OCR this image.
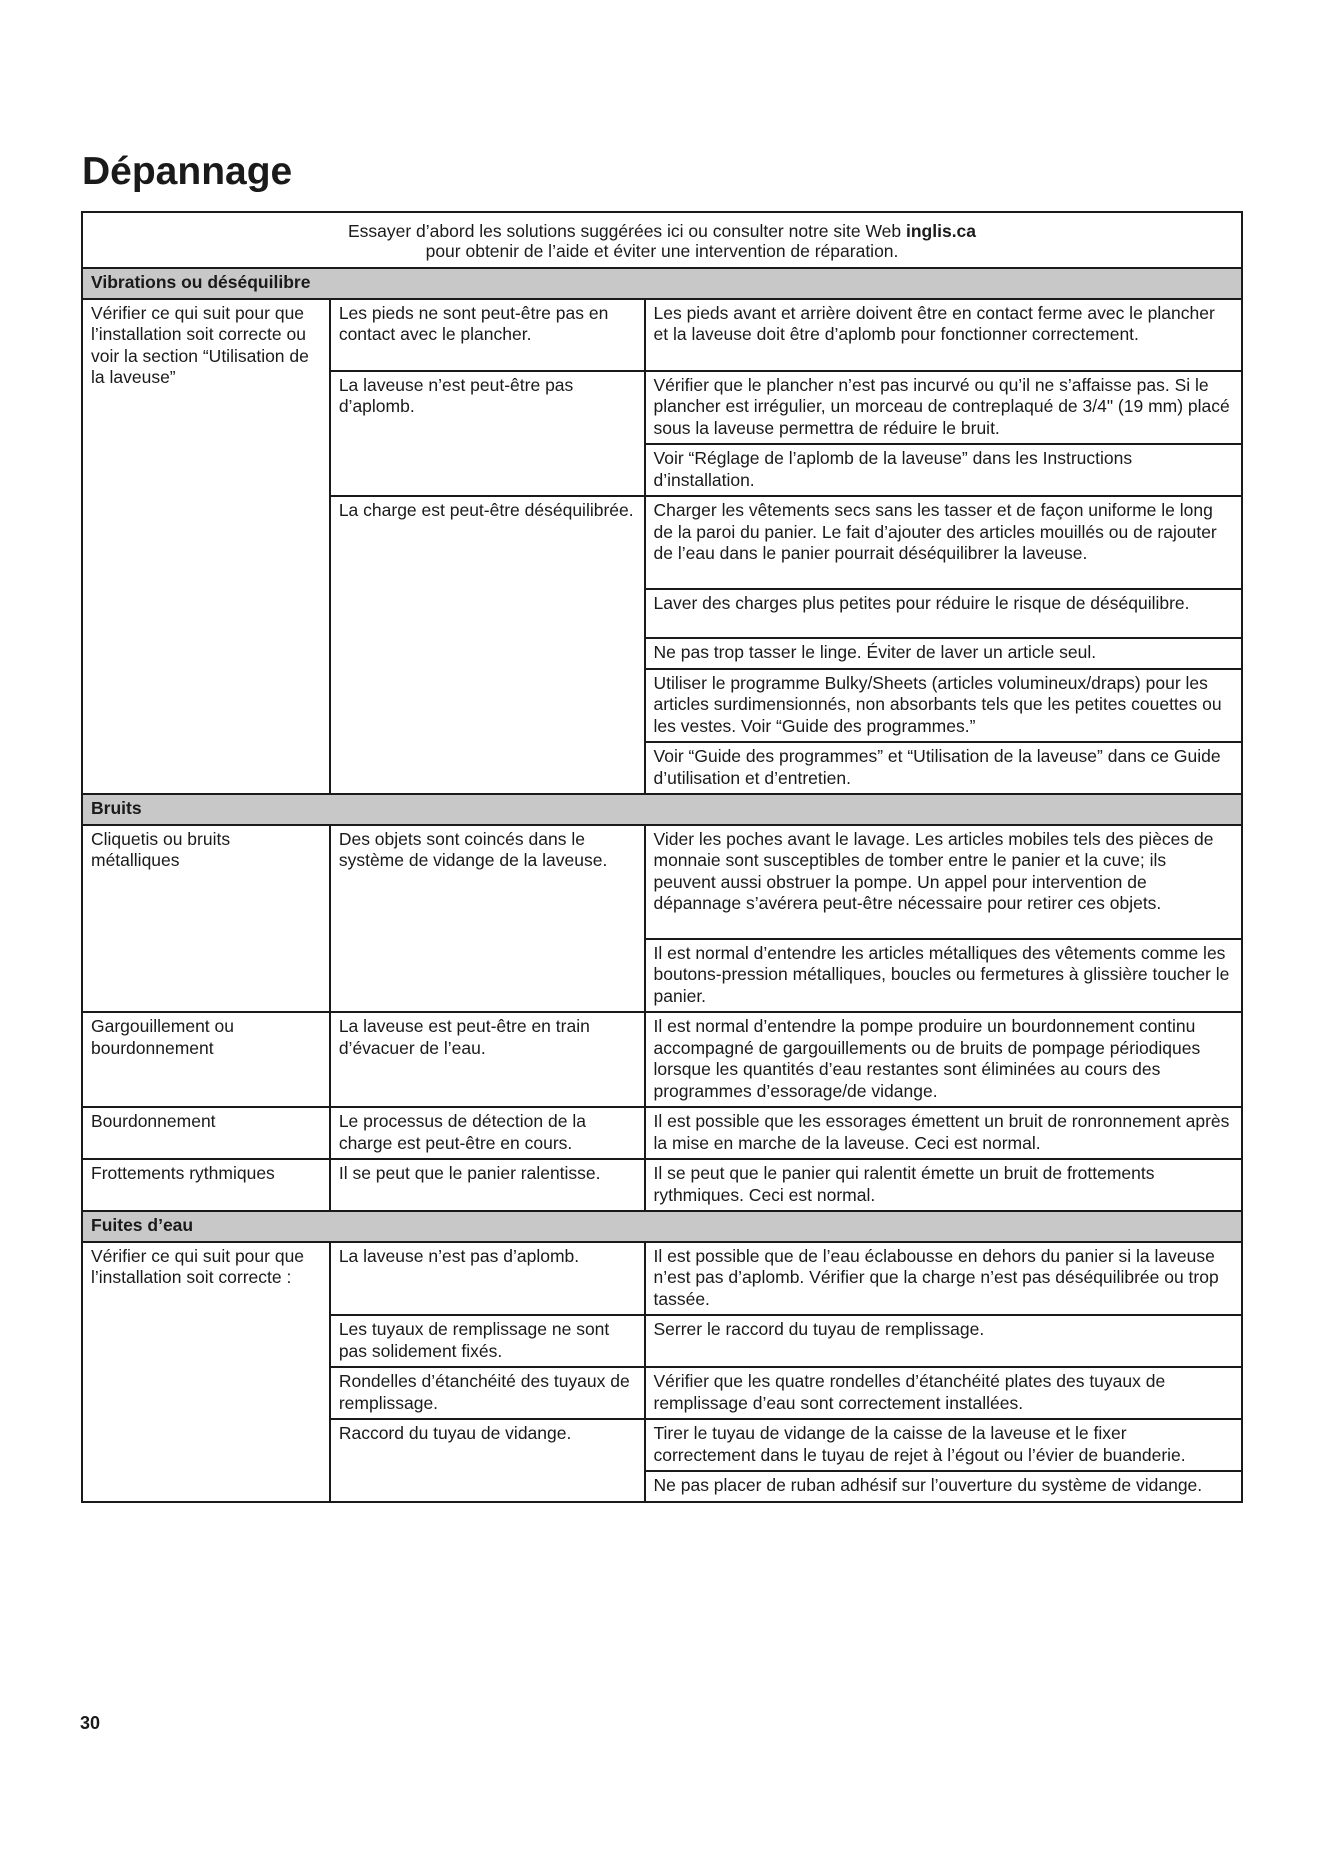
Dépannage
Essayer d’abord les solutions suggérées ici ou consulter notre site Web inglis.ca
pour obtenir de l’aide et éviter une intervention de réparation.		
Vibrations ou déséquilibre		
Vérifier ce qui suit pour que l’installation soit correcte ou voir la section “Utilisation de la laveuse”	Les pieds ne sont peut-être pas en contact avec le plancher.	Les pieds avant et arrière doivent être en contact ferme avec le plancher et la laveuse doit être d’aplomb pour fonctionner correctement.
	La laveuse n’est peut-être pas d’aplomb.	Vérifier que le plancher n’est pas incurvé ou qu’il ne s’affaisse pas. Si le plancher est irrégulier, un morceau de contreplaqué de 3/4" (19 mm) placé sous la laveuse permettra de réduire le bruit.
		Voir “Réglage de l’aplomb de la laveuse” dans les Instructions d’installation.
	La charge est peut-être déséquilibrée.	Charger les vêtements secs sans les tasser et de façon uniforme le long de la paroi du panier. Le fait d’ajouter des articles mouillés ou de rajouter de l’eau dans le panier pourrait déséquilibrer la laveuse.
		Laver des charges plus petites pour réduire le risque de déséquilibre.
		Ne pas trop tasser le linge. Éviter de laver un article seul.
		Utiliser le programme Bulky/Sheets (articles volumineux/draps) pour les articles surdimensionnés, non absorbants tels que les petites couettes ou les vestes. Voir “Guide des programmes.”
		Voir “Guide des programmes” et “Utilisation de la laveuse” dans ce Guide d’utilisation et d’entretien.
Bruits		
Cliquetis ou bruits métalliques	Des objets sont coincés dans le système de vidange de la laveuse.	Vider les poches avant le lavage. Les articles mobiles tels des pièces de monnaie sont susceptibles de tomber entre le panier et la cuve; ils peuvent aussi obstruer la pompe. Un appel pour intervention de dépannage s’avérera peut-être nécessaire pour retirer ces objets.
		Il est normal d’entendre les articles métalliques des vêtements comme les boutons-pression métalliques, boucles ou fermetures à glissière toucher le panier.
Gargouillement ou bourdonnement	La laveuse est peut-être en train d’évacuer de l’eau.	Il est normal d’entendre la pompe produire un bourdonnement continu accompagné de gargouillements ou de bruits de pompage périodiques lorsque les quantités d’eau restantes sont éliminées au cours des programmes d’essorage/de vidange.
Bourdonnement	Le processus de détection de la charge est peut-être en cours.	Il est possible que les essorages émettent un bruit de ronronnement après la mise en marche de la laveuse. Ceci est normal.
Frottements rythmiques	Il se peut que le panier ralentisse.	Il se peut que le panier qui ralentit émette un bruit de frottements rythmiques. Ceci est normal.
Fuites d’eau		
Vérifier ce qui suit pour que l’installation soit correcte :	La laveuse n’est pas d’aplomb.	Il est possible que de l’eau éclabousse en dehors du panier si la laveuse n’est pas d’aplomb. Vérifier que la charge n’est pas déséquilibrée ou trop tassée.
	Les tuyaux de remplissage ne sont pas solidement fixés.	Serrer le raccord du tuyau de remplissage.
	Rondelles d’étanchéité des tuyaux de remplissage.	Vérifier que les quatre rondelles d’étanchéité plates des tuyaux de remplissage d’eau sont correctement installées.
	Raccord du tuyau de vidange.	Tirer le tuyau de vidange de la caisse de la laveuse et le fixer correctement dans le tuyau de rejet à l’égout ou l’évier de buanderie.
		Ne pas placer de ruban adhésif sur l’ouverture du système de vidange.
30
